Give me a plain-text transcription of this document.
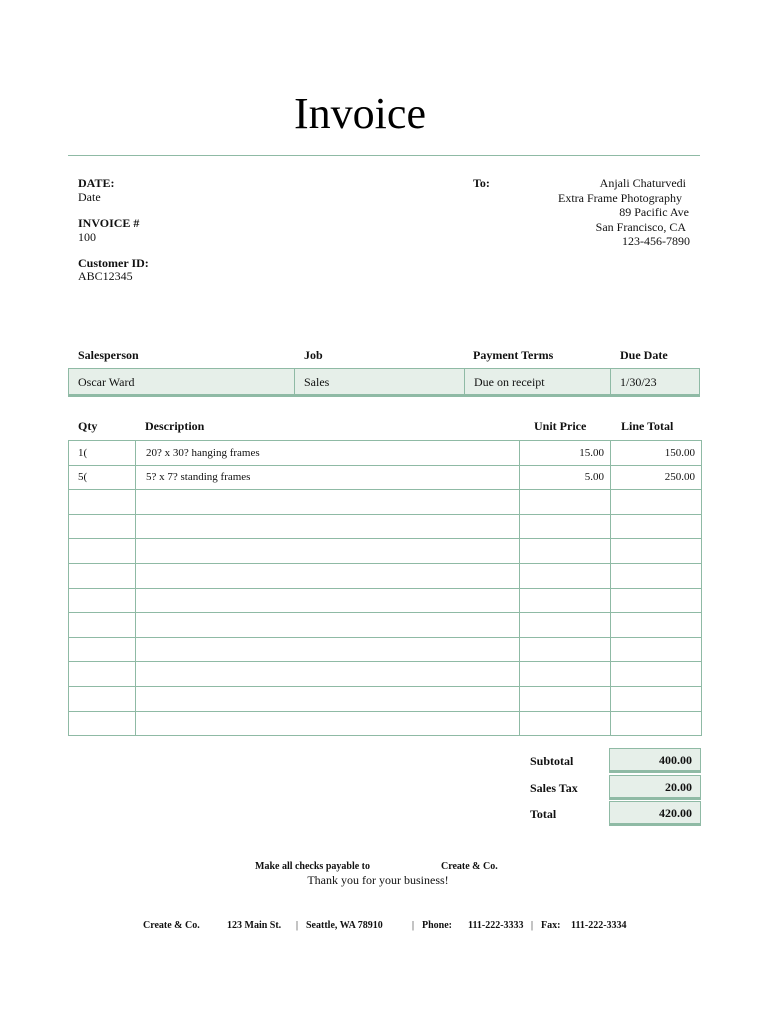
Invoice
DATE:
Date
INVOICE #
100
Customer ID:
ABC12345
To:	Anjali Chaturvedi
Extra Frame Photography
89 Pacific Ave
San Francisco, CA
123-456-7890
Salesperson	Job	Payment Terms	Due Date
Oscar Ward	Sales	Due on receipt	1/30/23
Qty	Description	Unit Price	Line Total
1(	20? x 30? hanging frames	15.00	150.00
5(	5? x 7? standing frames	5.00	250.00

Subtotal	400.00
Sales Tax	20.00
Total	420.00
Make all checks payable to	Create & Co.
Thank you for your business!
Create & Co.	123 Main St. | Seattle, WA 78910	| Phone: 111-222-3333 | Fax: 111-222-3334
